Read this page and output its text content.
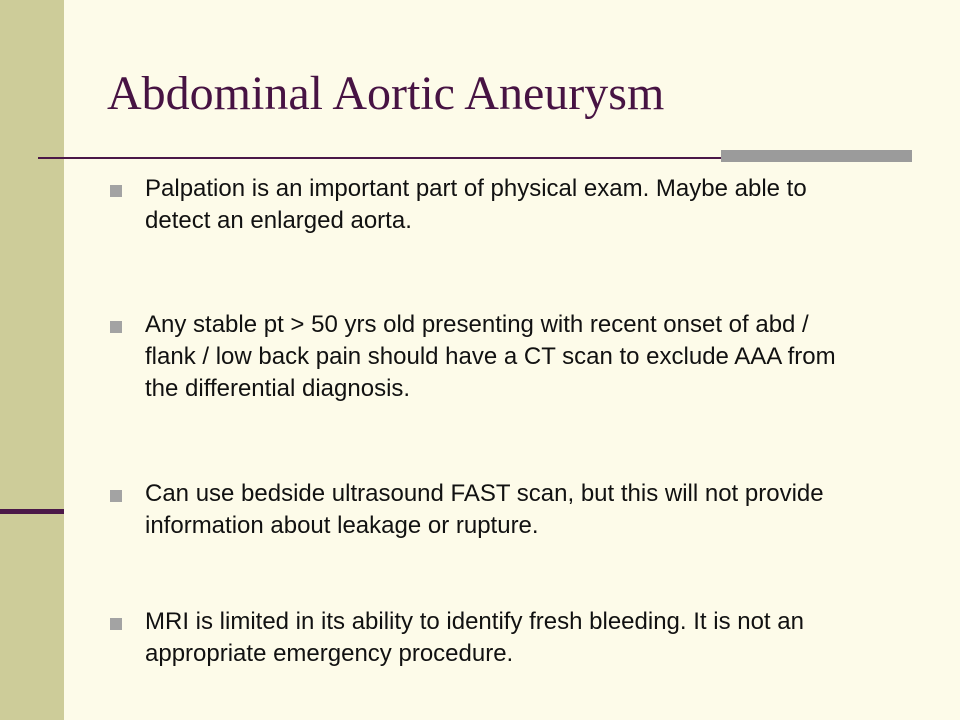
Abdominal Aortic Aneurysm
Palpation is an important part of physical exam. Maybe able to detect an enlarged aorta.
Any stable pt > 50 yrs old presenting with recent onset of abd / flank / low back pain should have a CT scan to exclude AAA from the differential diagnosis.
Can use bedside ultrasound FAST scan, but this will not provide information about leakage or rupture.
MRI is limited in its ability to identify fresh bleeding. It is not an appropriate emergency procedure.
